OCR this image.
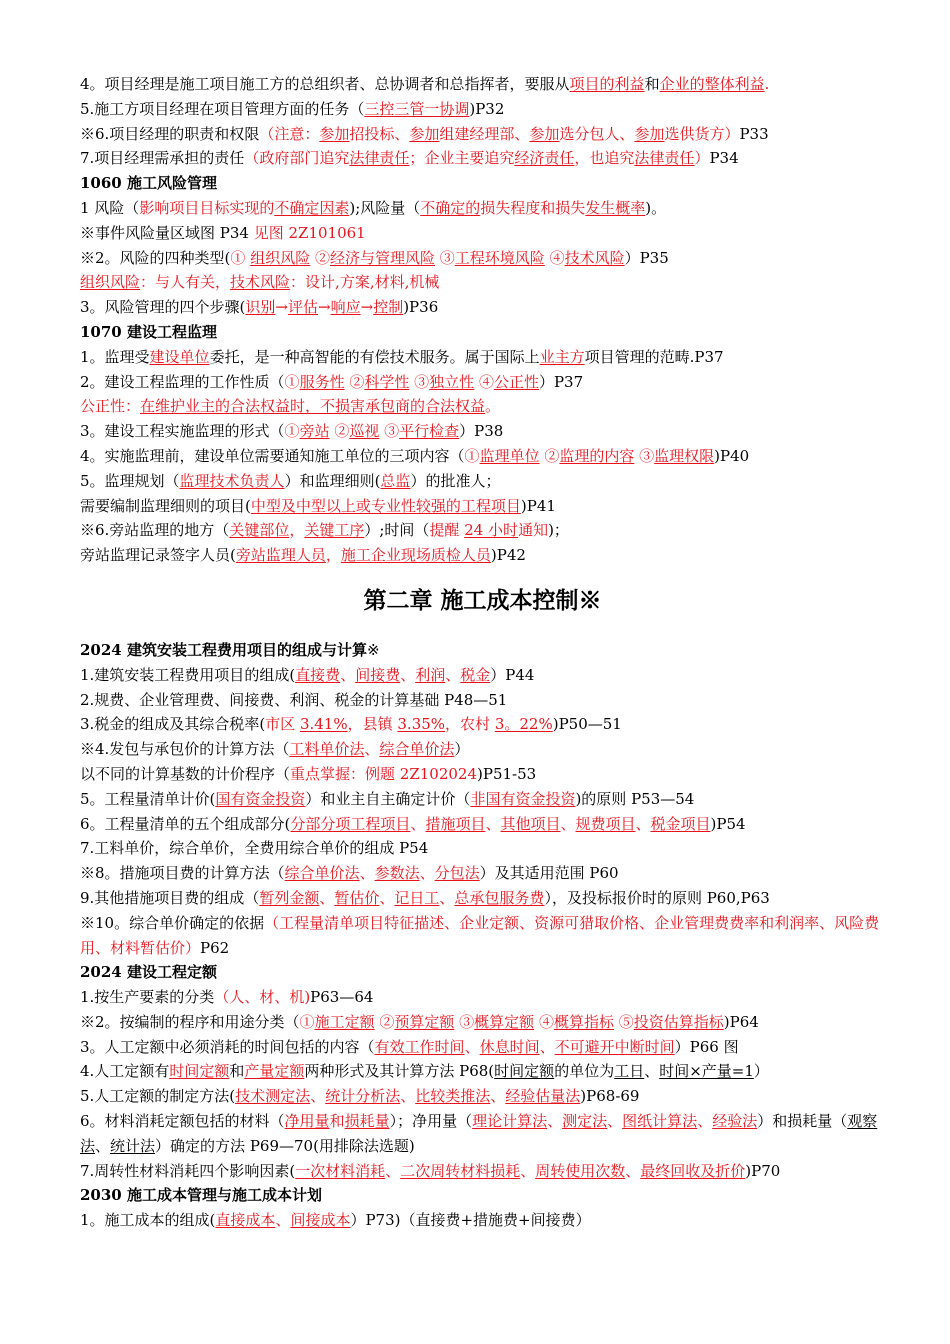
4。项目经理是施工项目施工方的总组织者、总协调者和总指挥者，要服从项目的利益和企业的整体利益.
5.施工方项目经理在项目管理方面的任务（三控三管一协调)P32
※6.项目经理的职责和权限（注意：参加招投标、参加组建经理部、参加选分包人、参加选供货方）P33
7.项目经理需承担的责任（政府部门追究法律责任；企业主要追究经济责任，也追究法律责任）P34
1060 施工风险管理
1 风险（影响项目目标实现的不确定因素);风险量（不确定的损失程度和损失发生概率)。
※事件风险量区域图 P34 见图 2Z101061
※2。风险的四种类型(① 组织风险 ②经济与管理风险 ③工程环境风险 ④技术风险）P35
组织风险：与人有关，技术风险：设计,方案,材料,机械
3。风险管理的四个步骤(识别→评估→响应→控制)P36
1070 建设工程监理
1。监理受建设单位委托，是一种高智能的有偿技术服务。属于国际上业主方项目管理的范畴.P37
2。建设工程监理的工作性质（①服务性 ②科学性 ③独立性 ④公正性）P37
公正性：在维护业主的合法权益时，不损害承包商的合法权益。
3。建设工程实施监理的形式（①旁站 ②巡视 ③平行检查）P38
4。实施监理前，建设单位需要通知施工单位的三项内容（①监理单位 ②监理的内容 ③监理权限)P40
5。监理规划（监理技术负责人）和监理细则(总监）的批准人；
需要编制监理细则的项目(中型及中型以上或专业性较强的工程项目)P41
※6.旁站监理的地方（关键部位，关键工序）;时间（提醒 24 小时通知)；
旁站监理记录签字人员(旁站监理人员，施工企业现场质检人员)P42
第二章 施工成本控制※
2024 建筑安装工程费用项目的组成与计算※
1.建筑安装工程费用项目的组成(直接费、间接费、利润、税金）P44
2.规费、企业管理费、间接费、利润、税金的计算基础 P48—51
3.税金的组成及其综合税率(市区 3.41%，县镇 3.35%，农村 3。22%)P50—51
※4.发包与承包价的计算方法（工料单价法、综合单价法）
以不同的计算基数的计价程序（重点掌握：例题 2Z102024)P51-53
5。工程量清单计价(国有资金投资）和业主自主确定计价（非国有资金投资)的原则 P53—54
6。工程量清单的五个组成部分(分部分项工程项目、措施项目、其他项目、规费项目、税金项目)P54
7.工料单价，综合单价，全费用综合单价的组成 P54
※8。措施项目费的计算方法（综合单价法、参数法、分包法）及其适用范围 P60
9.其他措施项目费的组成（暂列金额、暂估价、记日工、总承包服务费），及投标报价时的原则 P60,P63
※10。综合单价确定的依据（工程量清单项目特征描述、企业定额、资源可猎取价格、企业管理费费率和利润率、风险费用、材料暂估价）P62
2024 建设工程定额
1.按生产要素的分类（人、材、机)P63—64
※2。按编制的程序和用途分类（①施工定额 ②预算定额 ③概算定额 ④概算指标 ⑤投资估算指标)P64
3。人工定额中必须消耗的时间包括的内容（有效工作时间、休息时间、不可避开中断时间）P66 图
4.人工定额有时间定额和产量定额两种形式及其计算方法 P68(时间定额的单位为工日、时间×产量=1）
5.人工定额的制定方法(技术测定法、统计分析法、比较类推法、经验估量法)P68-69
6。材料消耗定额包括的材料（净用量和损耗量）；净用量（理论计算法、测定法、图纸计算法、经验法）和损耗量（观察法、统计法）确定的方法 P69—70(用排除法选题)
7.周转性材料消耗四个影响因素(一次材料消耗、二次周转材料损耗、周转使用次数、最终回收及折价)P70
2030 施工成本管理与施工成本计划
1。施工成本的组成(直接成本、间接成本）P73)（直接费+措施费+间接费）
